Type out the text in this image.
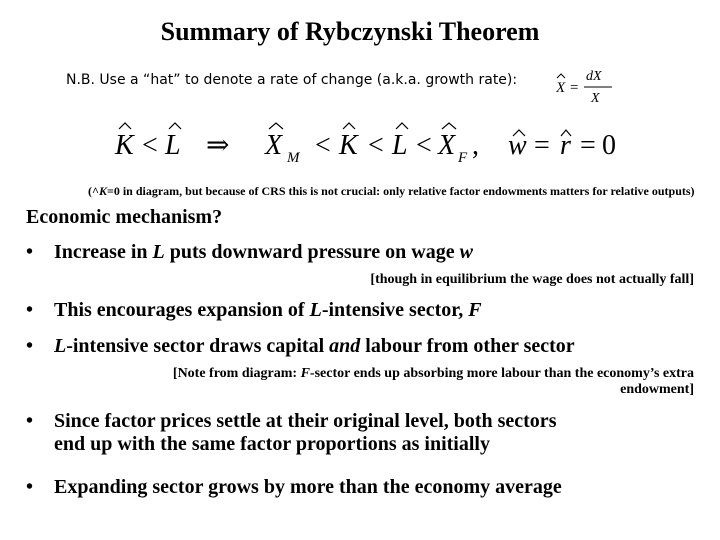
Summary of Rybczynski Theorem
N.B. Use a “hat” to denote a rate of change (a.k.a. growth rate):	X =
dX
X
K < L ⇒ X M < K < L < X F , w = r = 0
(^K=0 in diagram, but because of CRS this is not crucial: only relative factor endowments matters for relative outputs)
Economic mechanism?
• Increase in L puts downward pressure on wage w
[though in equilibrium the wage does not actually fall]
• This encourages expansion of L-intensive sector, F
• L-intensive sector draws capital and labour from other sector
[Note from diagram: F-sector ends up absorbing more labour than the economy’s extra endowment]
• Since factor prices settle at their original level, both sectors
end up with the same factor proportions as initially
• Expanding sector grows by more than the economy average
